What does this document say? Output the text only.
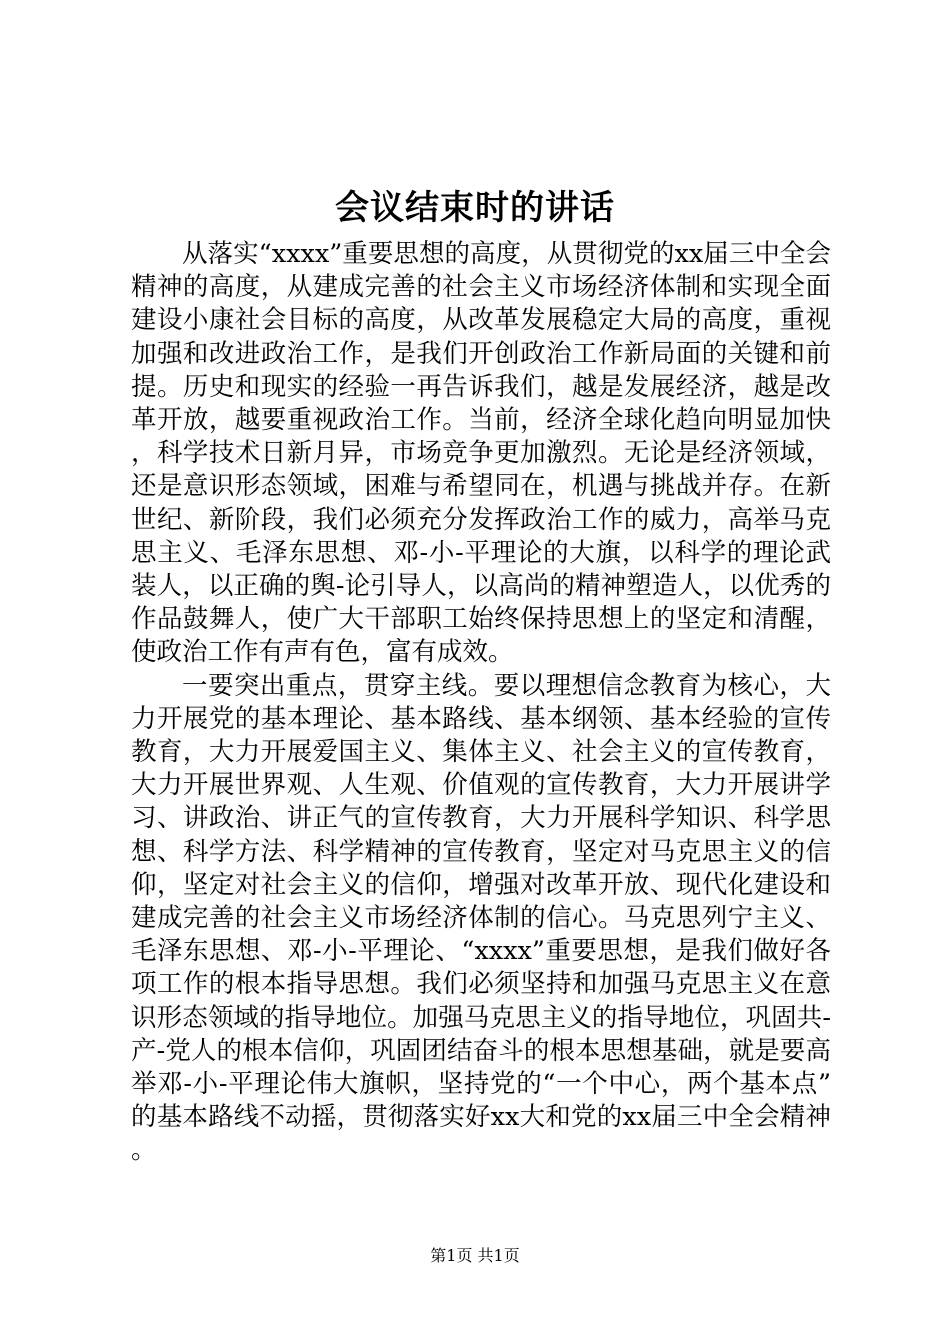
会议结束时的讲话

从落实“xxxx”重要思想的高度，从贯彻党的xx届三中全会精神的高度，从建成完善的社会主义市场经济体制和实现全面建设小康社会目标的高度，从改革发展稳定大局的高度，重视加强和改进政治工作，是我们开创政治工作新局面的关键和前提。历史和现实的经验一再告诉我们，越是发展经济，越是改革开放，越要重视政治工作。当前，经济全球化趋向明显加快，科学技术日新月异，市场竞争更加激烈。无论是经济领域，还是意识形态领域，困难与希望同在，机遇与挑战并存。在新世纪、新阶段，我们必须充分发挥政治工作的威力，高举马克思主义、毛泽东思想、邓-小-平理论的大旗，以科学的理论武装人，以正确的舆-论引导人，以高尚的精神塑造人，以优秀的作品鼓舞人，使广大干部职工始终保持思想上的坚定和清醒，使政治工作有声有色，富有成效。

一要突出重点，贯穿主线。要以理想信念教育为核心，大力开展党的基本理论、基本路线、基本纲领、基本经验的宣传教育，大力开展爱国主义、集体主义、社会主义的宣传教育，大力开展世界观、人生观、价值观的宣传教育，大力开展讲学习、讲政治、讲正气的宣传教育，大力开展科学知识、科学思想、科学方法、科学精神的宣传教育，坚定对马克思主义的信仰，坚定对社会主义的信仰，增强对改革开放、现代化建设和建成完善的社会主义市场经济体制的信心。马克思列宁主义、毛泽东思想、邓-小-平理论、“xxxx”重要思想，是我们做好各项工作的根本指导思想。我们必须坚持和加强马克思主义在意识形态领域的指导地位。加强马克思主义的指导地位，巩固共-产-党人的根本信仰，巩固团结奋斗的根本思想基础，就是要高举邓-小-平理论伟大旗帜，坚持党的“一个中心，两个基本点”的基本路线不动摇，贯彻落实好xx大和党的xx届三中全会精神。

第1页 共1页
